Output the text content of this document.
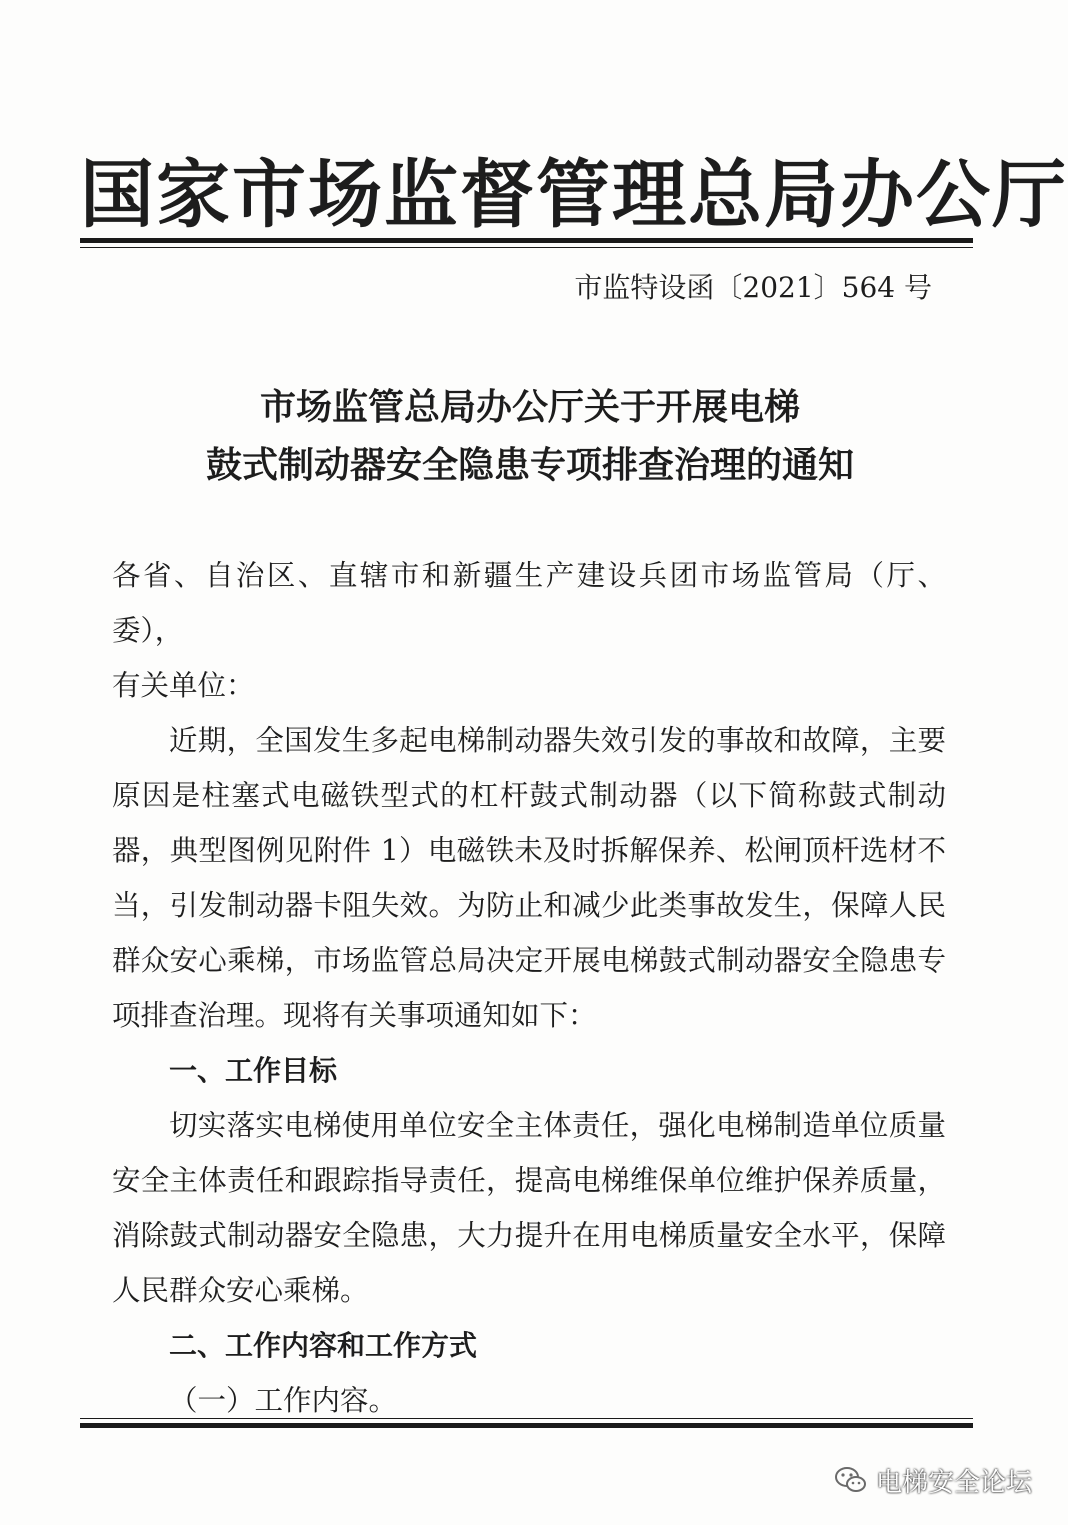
国家市场监督管理总局办公厅
市监特设函〔2021〕564 号
市场监管总局办公厅关于开展电梯
鼓式制动器安全隐患专项排查治理的通知

各省、自治区、直辖市和新疆生产建设兵团市场监管局（厅、委），

有关单位：

近期，全国发生多起电梯制动器失效引发的事故和故障，主要原因是柱塞式电磁铁型式的杠杆鼓式制动器（以下简称鼓式制动器，典型图例见附件 1）电磁铁未及时拆解保养、松闸顶杆选材不当，引发制动器卡阻失效。为防止和减少此类事故发生，保障人民群众安心乘梯，市场监管总局决定开展电梯鼓式制动器安全隐患专项排查治理。现将有关事项通知如下：

一、工作目标

切实落实电梯使用单位安全主体责任，强化电梯制造单位质量安全主体责任和跟踪指导责任，提高电梯维保单位维护保养质量，消除鼓式制动器安全隐患，大力提升在用电梯质量安全水平，保障人民群众安心乘梯。

二、工作内容和工作方式

（一）工作内容。

电梯安全论坛
